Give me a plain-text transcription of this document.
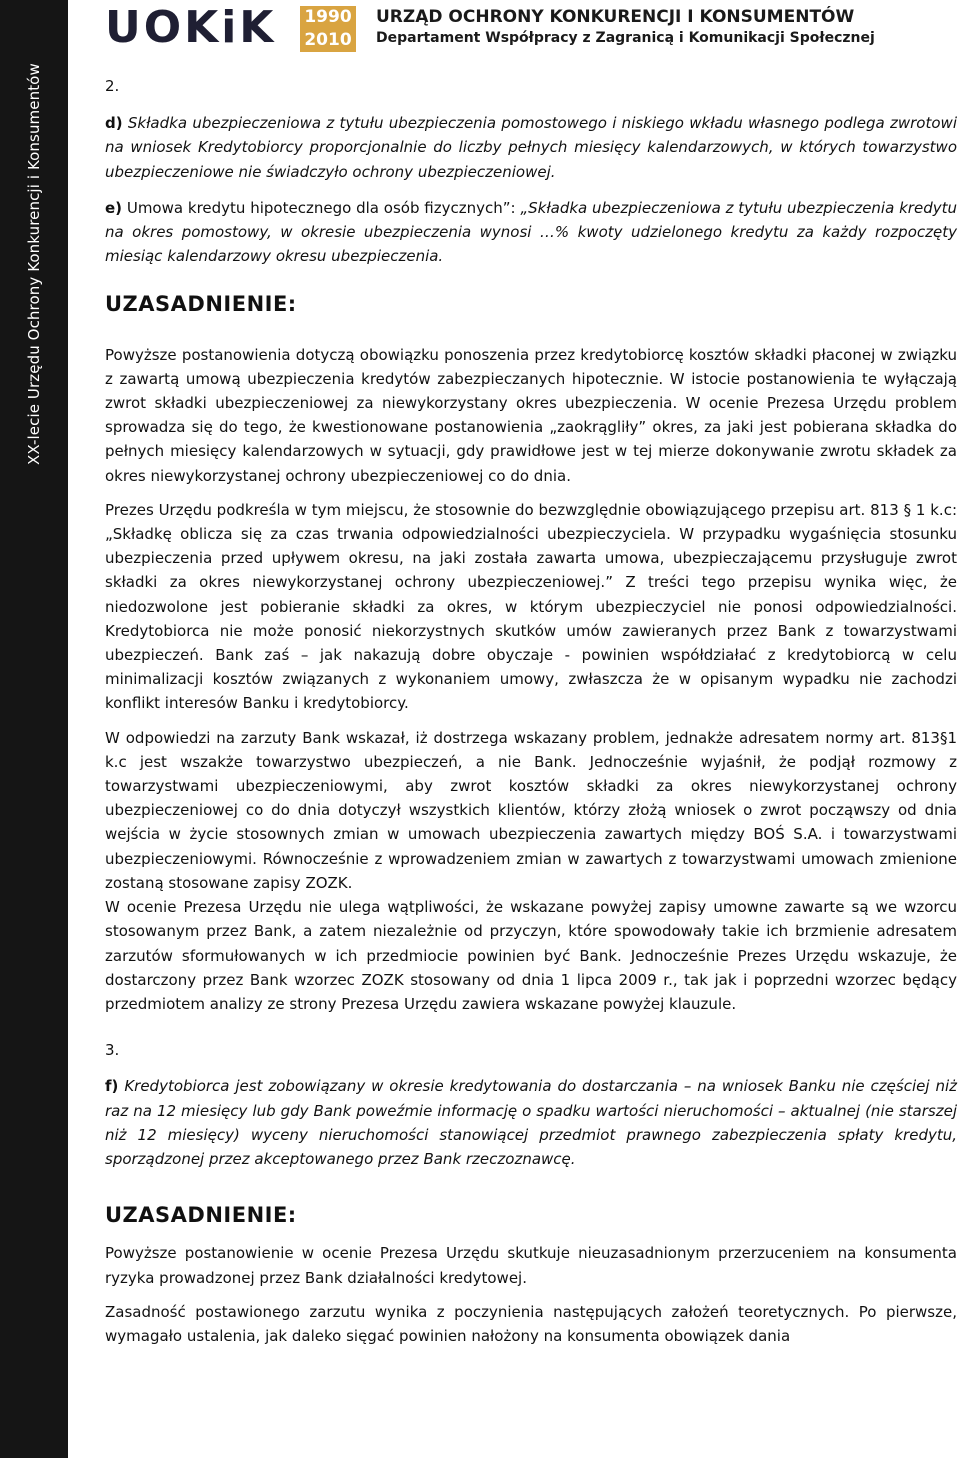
XX-lecie Urzędu Ochrony Konkurencji i Konsumentów
UOKiK 1990
2010
URZĄD OCHRONY KONKURENCJI I KONSUMENTÓW
Departament Współpracy z Zagranicą i Komunikacji Społecznej

2.

d) Składka ubezpieczeniowa z tytułu ubezpieczenia pomostowego i niskiego wkładu własnego podlega zwrotowi na wniosek Kredytobiorcy proporcjonalnie do liczby pełnych miesięcy kalendarzowych, w których towarzystwo ubezpieczeniowe nie świadczyło ochrony ubezpieczeniowej.

e) Umowa kredytu hipotecznego dla osób fizycznych”: „Składka ubezpieczeniowa z tytułu ubezpieczenia kredytu na okres pomostowy, w okresie ubezpieczenia wynosi …% kwoty udzielonego kredytu za każdy rozpoczęty miesiąc kalendarzowy okresu ubezpieczenia.

UZASADNIENIE:

Powyższe postanowienia dotyczą obowiązku ponoszenia przez kredytobiorcę kosztów składki płaconej w związku z zawartą umową ubezpieczenia kredytów zabezpieczanych hipotecznie. W istocie postanowienia te wyłączają zwrot składki ubezpieczeniowej za niewykorzystany okres ubezpieczenia. W ocenie Prezesa Urzędu problem sprowadza się do tego, że kwestionowane postanowienia „zaokrągliły” okres, za jaki jest pobierana składka do pełnych miesięcy kalendarzowych w sytuacji, gdy prawidłowe jest w tej mierze dokonywanie zwrotu składek za okres niewykorzystanej ochrony ubezpieczeniowej co do dnia.

Prezes Urzędu podkreśla w tym miejscu, że stosownie do bezwzględnie obowiązującego przepisu art. 813 § 1 k.c: „Składkę oblicza się za czas trwania odpowiedzialności ubezpieczyciela. W przypadku wygaśnięcia stosunku ubezpieczenia przed upływem okresu, na jaki została zawarta umowa, ubezpieczającemu przysługuje zwrot składki za okres niewykorzystanej ochrony ubezpieczeniowej.” Z treści tego przepisu wynika więc, że niedozwolone jest pobieranie składki za okres, w którym ubezpieczyciel nie ponosi odpowiedzialności. Kredytobiorca nie może ponosić niekorzystnych skutków umów zawieranych przez Bank z towarzystwami ubezpieczeń. Bank zaś – jak nakazują dobre obyczaje - powinien współdziałać z kredytobiorcą w celu minimalizacji kosztów związanych z wykonaniem umowy, zwłaszcza że w opisanym wypadku nie zachodzi konflikt interesów Banku i kredytobiorcy.

W odpowiedzi na zarzuty Bank wskazał, iż dostrzega wskazany problem, jednakże adresatem normy art. 813§1 k.c jest wszakże towarzystwo ubezpieczeń, a nie Bank. Jednocześnie wyjaśnił, że podjął rozmowy z towarzystwami ubezpieczeniowymi, aby zwrot kosztów składki za okres niewykorzystanej ochrony ubezpieczeniowej co do dnia dotyczył wszystkich klientów, którzy złożą wniosek o zwrot począwszy od dnia wejścia w życie stosownych zmian w umowach ubezpieczenia zawartych między BOŚ S.A. i towarzystwami ubezpieczeniowymi. Równocześnie z wprowadzeniem zmian w zawartych z towarzystwami umowach zmienione zostaną stosowane zapisy ZOZK.

W ocenie Prezesa Urzędu nie ulega wątpliwości, że wskazane powyżej zapisy umowne zawarte są we wzorcu stosowanym przez Bank, a zatem niezależnie od przyczyn, które spowodowały takie ich brzmienie adresatem zarzutów sformułowanych w ich przedmiocie powinien być Bank. Jednocześnie Prezes Urzędu wskazuje, że dostarczony przez Bank wzorzec ZOZK stosowany od dnia 1 lipca 2009 r., tak jak i poprzedni wzorzec będący przedmiotem analizy ze strony Prezesa Urzędu zawiera wskazane powyżej klauzule.

3.

f) Kredytobiorca jest zobowiązany w okresie kredytowania do dostarczania – na wniosek Banku nie częściej niż raz na 12 miesięcy lub gdy Bank poweźmie informację o spadku wartości nieruchomości – aktualnej (nie starszej niż 12 miesięcy) wyceny nieruchomości stanowiącej przedmiot prawnego zabezpieczenia spłaty kredytu, sporządzonej przez akceptowanego przez Bank rzeczoznawcę.

UZASADNIENIE:

Powyższe postanowienie w ocenie Prezesa Urzędu skutkuje nieuzasadnionym przerzuceniem na konsumenta ryzyka prowadzonej przez Bank działalności kredytowej.

Zasadność postawionego zarzutu wynika z poczynienia następujących założeń teoretycznych. Po pierwsze, wymagało ustalenia, jak daleko sięgać powinien nałożony na konsumenta obowiązek dania
